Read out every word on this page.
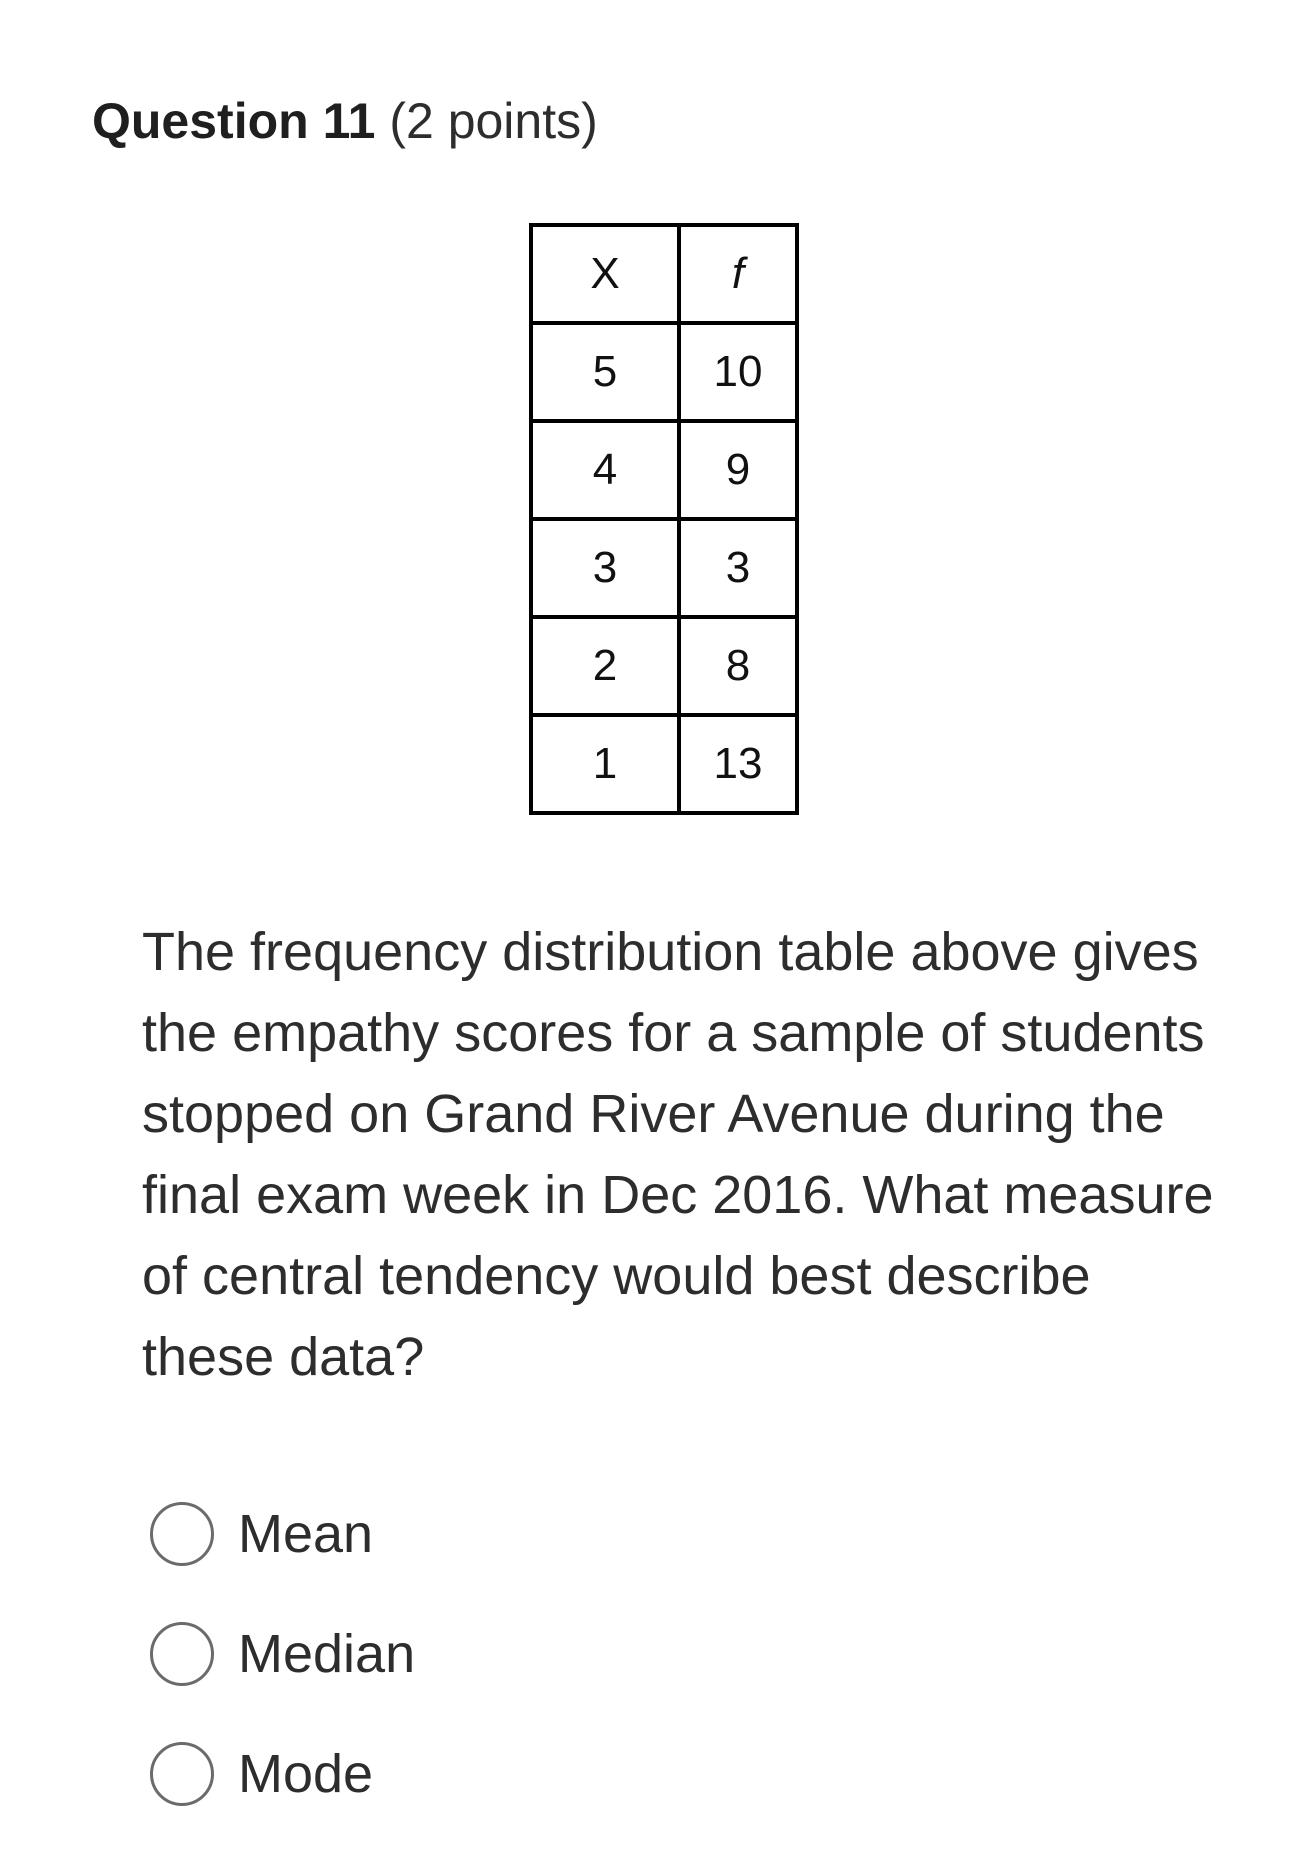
Question 11 (2 points)
X	f
5	10
4	9
3	3
2	8
1	13
The frequency distribution table above gives the empathy scores for a sample of students stopped on Grand River Avenue during the final exam week in Dec 2016. What measure of central tendency would best describe these data?
Mean
Median
Mode
